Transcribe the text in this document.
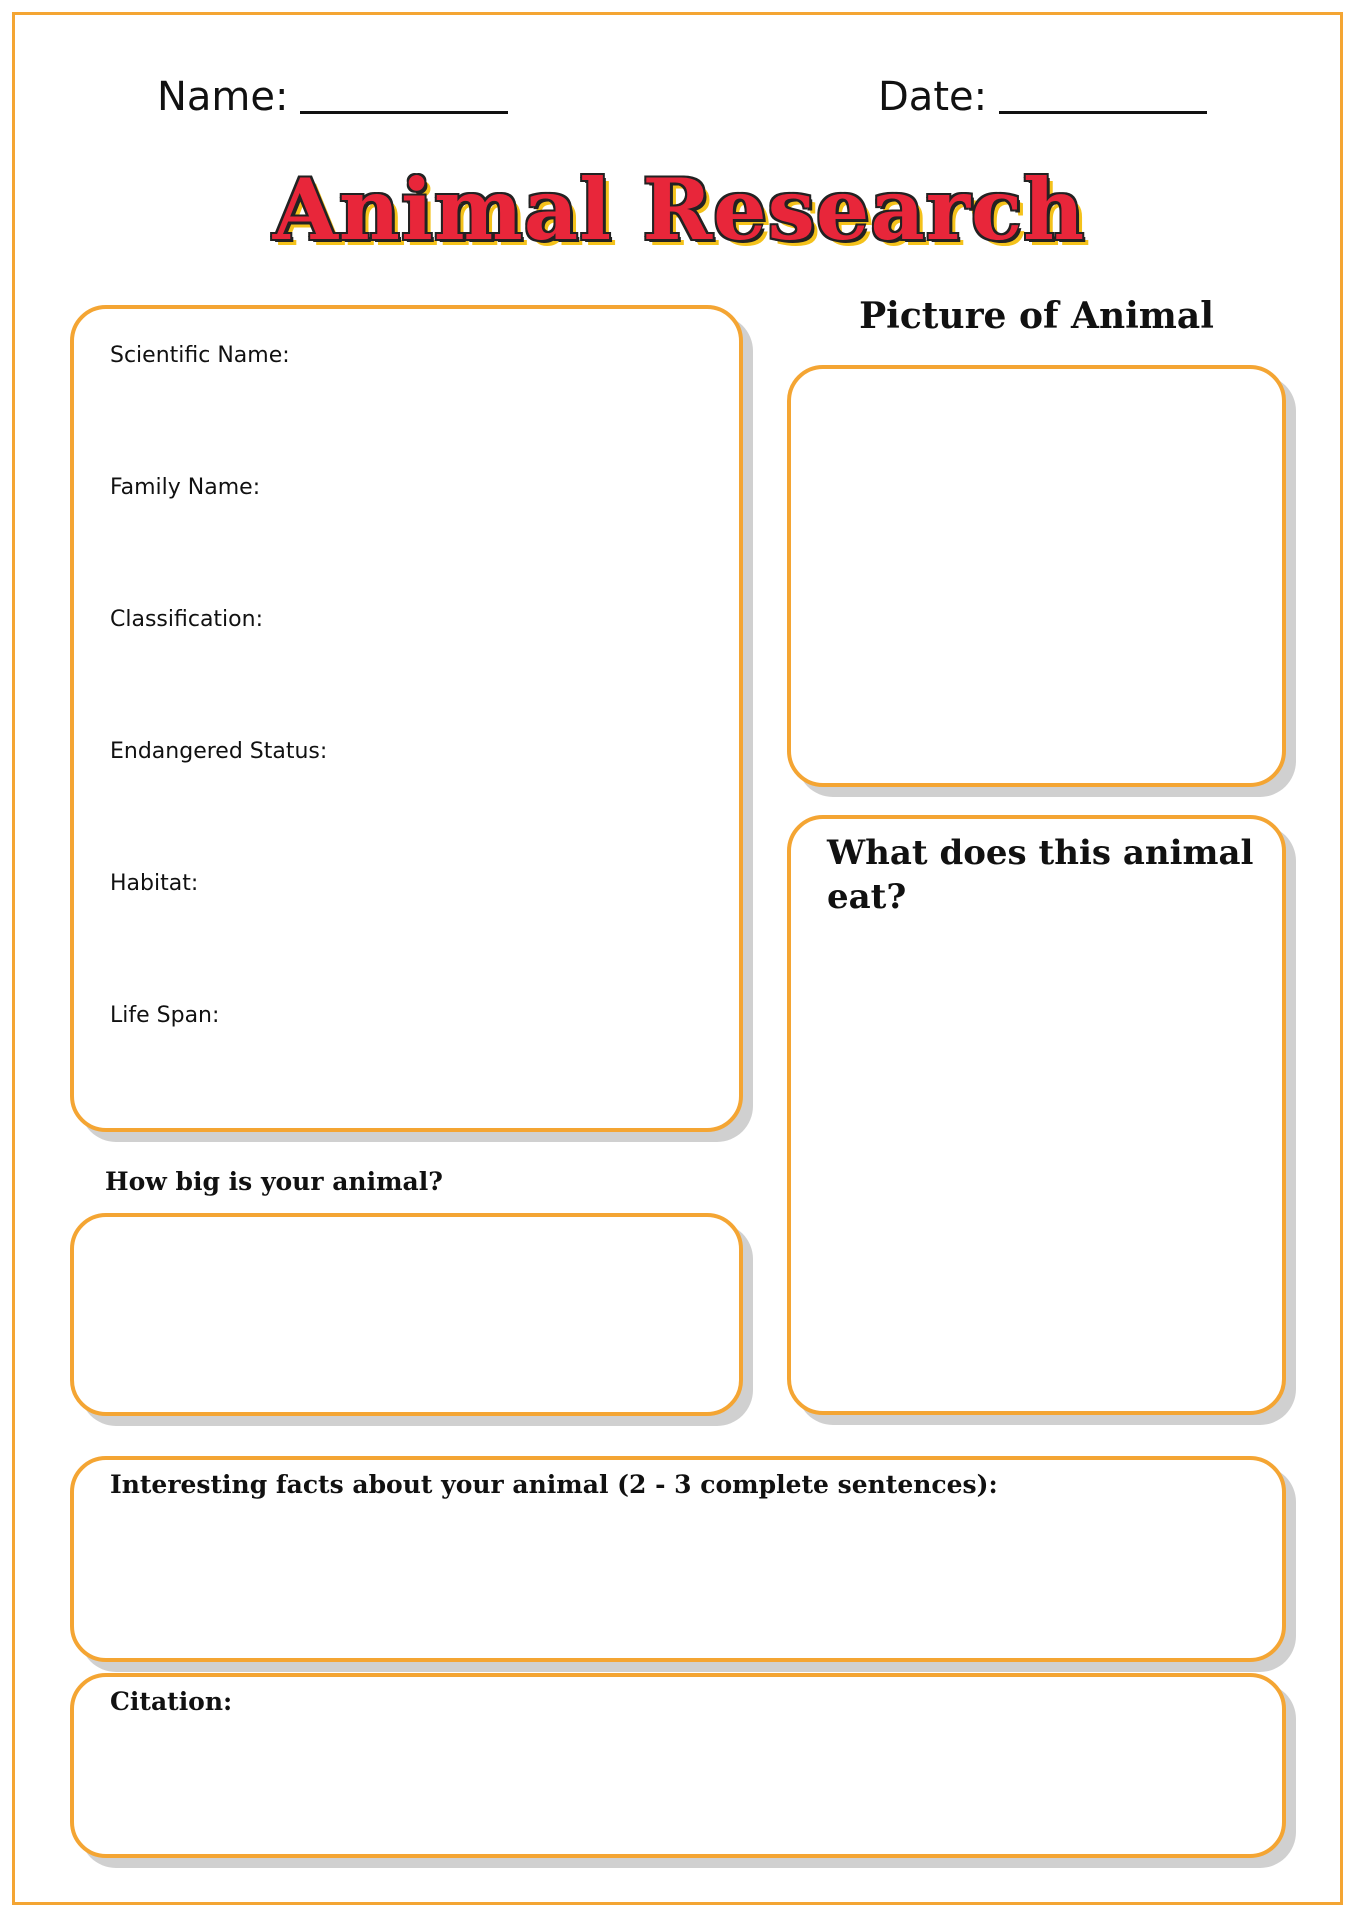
Name:	Date:
Animal Research
Scientific Name:
Family Name:
Classification:
Endangered Status:
Habitat:
Life Span:
Picture of Animal
What does this animal eat?
How big is your animal?
Interesting facts about your animal (2 - 3 complete sentences):
Citation:
